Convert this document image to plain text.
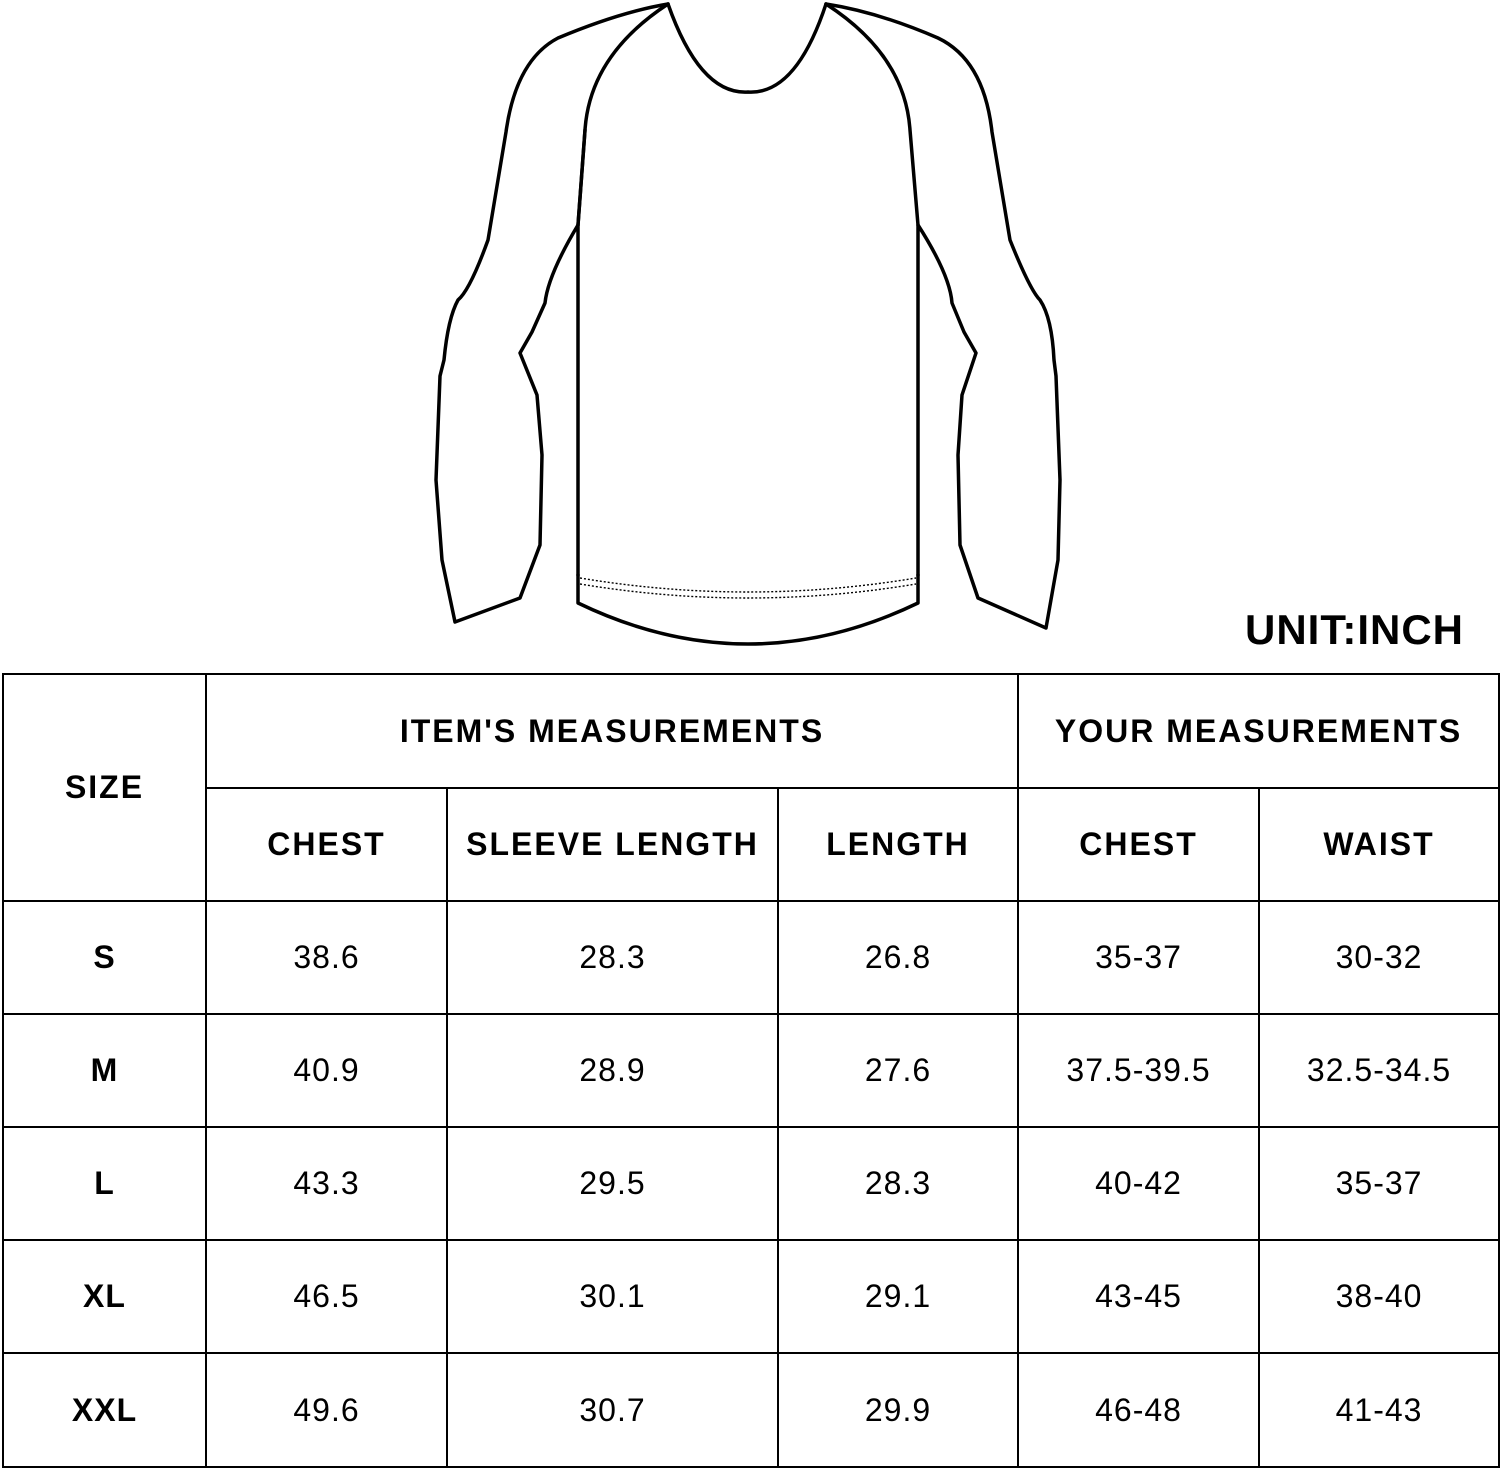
UNIT:INCH
SIZE	ITEM'S MEASUREMENTS			YOUR MEASUREMENTS	
	CHEST	SLEEVE LENGTH	LENGTH	CHEST	WAIST
S	38.6	28.3	26.8	35-37	30-32
M	40.9	28.9	27.6	37.5-39.5	32.5-34.5
L	43.3	29.5	28.3	40-42	35-37
XL	46.5	30.1	29.1	43-45	38-40
XXL	49.6	30.7	29.9	46-48	41-43
